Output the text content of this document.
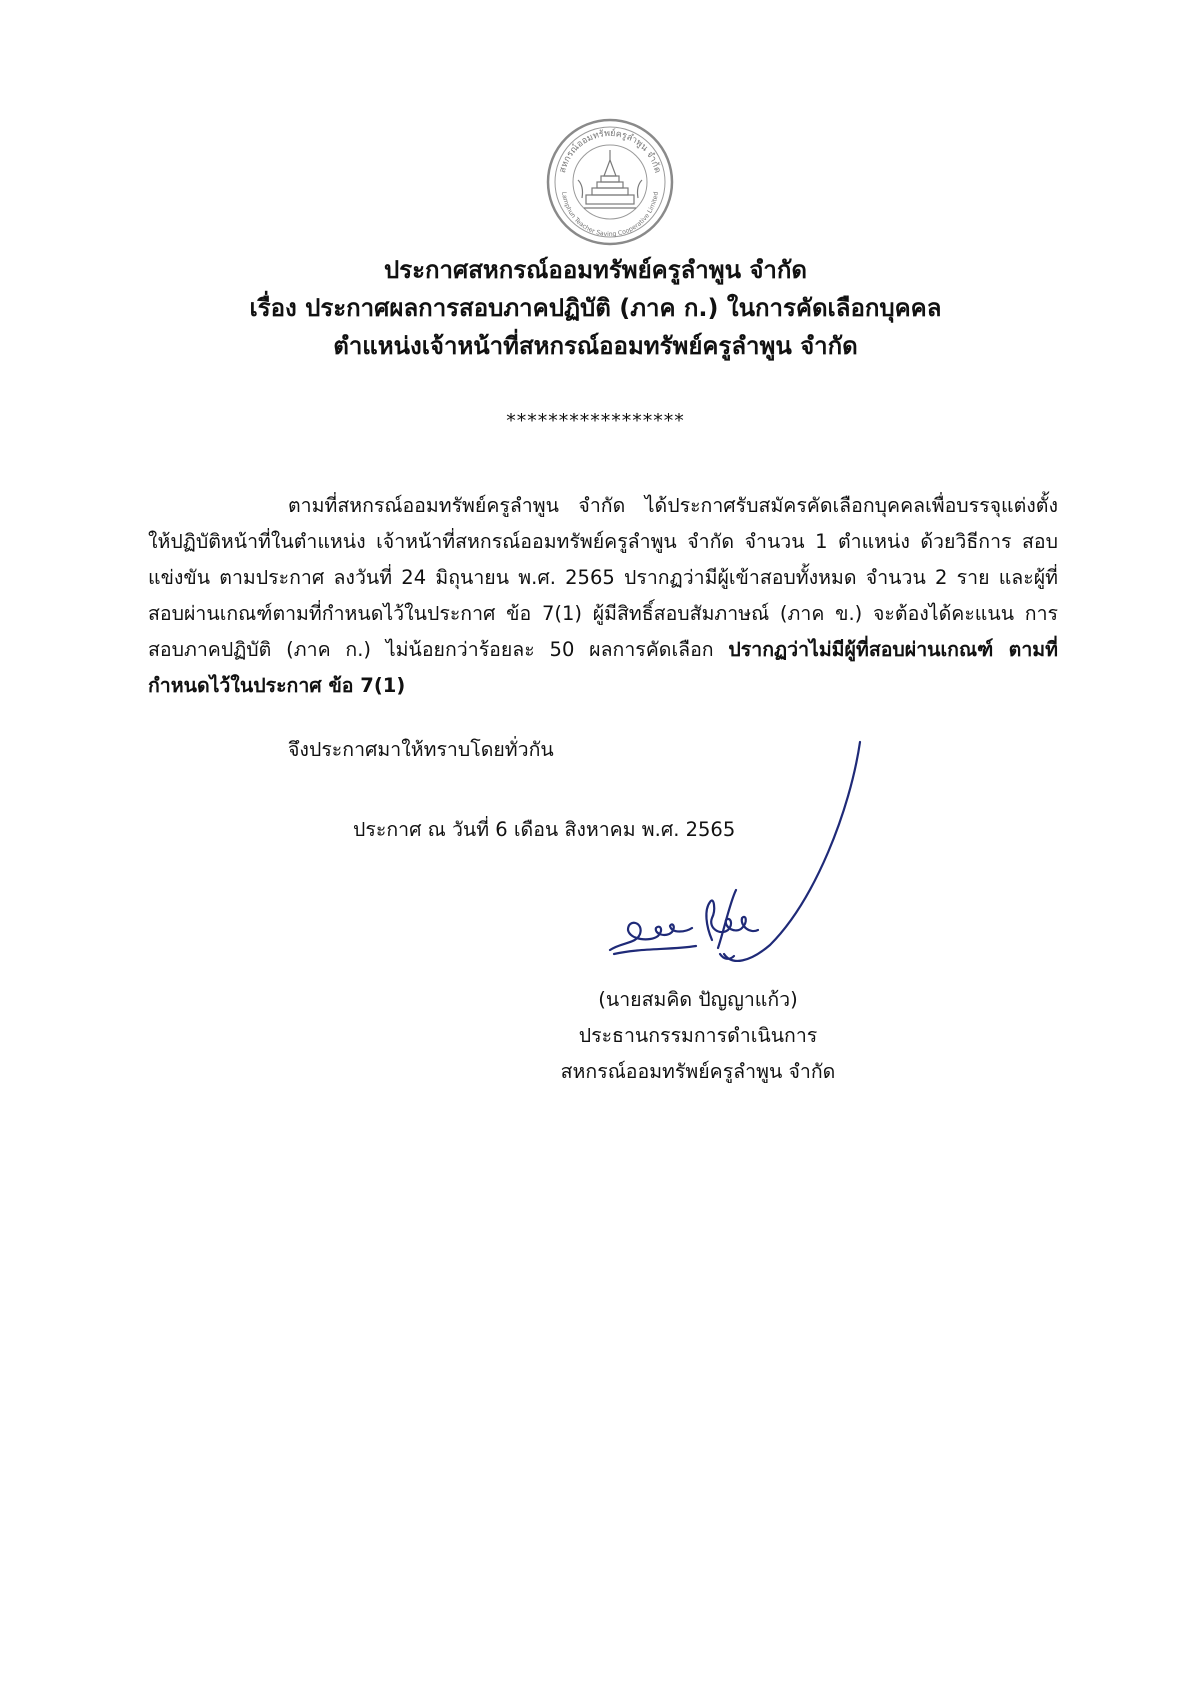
สหกรณ์ออมทรัพย์ครูลำพูน จำกัด
Lamphun Teacher Saving Cooperative Limited
ประกาศสหกรณ์ออมทรัพย์ครูลำพูน จำกัด
เรื่อง ประกาศผลการสอบภาคปฏิบัติ (ภาค ก.) ในการคัดเลือกบุคคล
ตำแหน่งเจ้าหน้าที่สหกรณ์ออมทรัพย์ครูลำพูน จำกัด
*****************
ตามที่สหกรณ์ออมทรัพย์ครูลำพูน จำกัด ได้ประกาศรับสมัครคัดเลือกบุคคลเพื่อบรรจุแต่งตั้ง ให้ปฏิบัติหน้าที่ในตำแหน่ง เจ้าหน้าที่สหกรณ์ออมทรัพย์ครูลำพูน จำกัด จำนวน 1 ตำแหน่ง ด้วยวิธีการ สอบแข่งขัน ตามประกาศ ลงวันที่ 24 มิถุนายน พ.ศ. 2565 ปรากฏว่ามีผู้เข้าสอบทั้งหมด จำนวน 2 ราย และผู้ที่สอบผ่านเกณฑ์ตามที่กำหนดไว้ในประกาศ ข้อ 7(1) ผู้มีสิทธิ์สอบสัมภาษณ์ (ภาค ข.) จะต้องได้คะแนน การสอบภาคปฏิบัติ (ภาค ก.) ไม่น้อยกว่าร้อยละ 50 ผลการคัดเลือก ปรากฏว่าไม่มีผู้ที่สอบผ่านเกณฑ์ ตามที่กำหนดไว้ในประกาศ ข้อ 7(1)
จึงประกาศมาให้ทราบโดยทั่วกัน
ประกาศ ณ วันที่ 6 เดือน สิงหาคม พ.ศ. 2565
(นายสมคิด ปัญญาแก้ว)
ประธานกรรมการดำเนินการ
สหกรณ์ออมทรัพย์ครูลำพูน จำกัด
